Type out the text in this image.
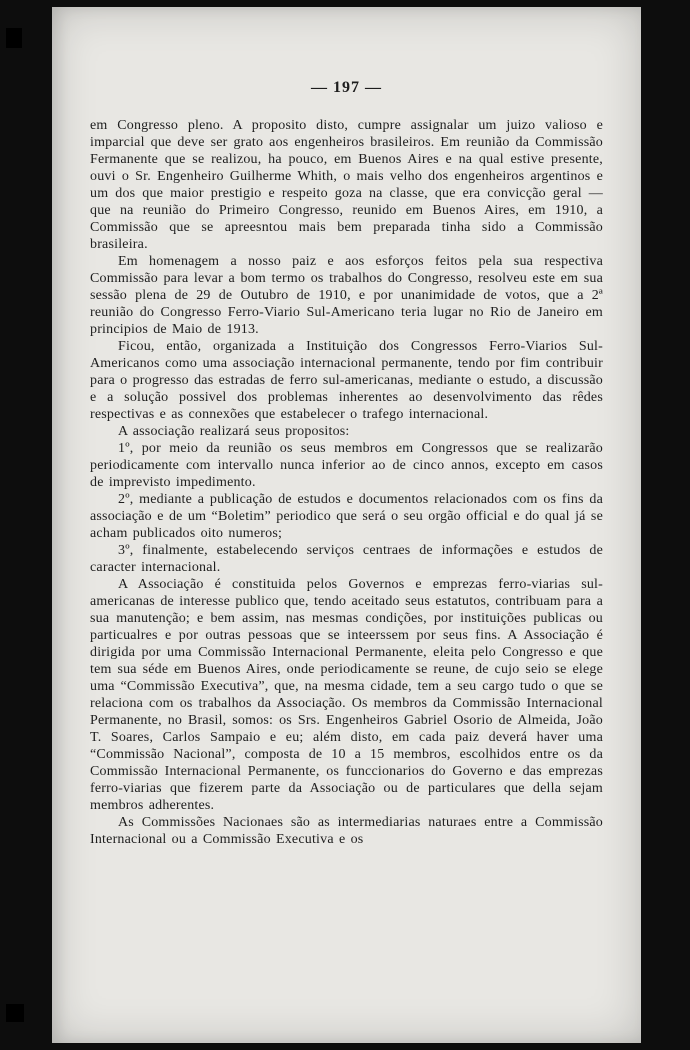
— 197 —

em Congresso pleno. A proposito disto, cumpre assignalar um juizo valioso e imparcial que deve ser grato aos engenheiros brasileiros. Em reunião da Commissão Fermanente que se realizou, ha pouco, em Buenos Aires e na qual estive presente, ouvi o Sr. Engenheiro Guilherme Whith, o mais velho dos engenheiros argentinos e um dos que maior prestigio e respeito goza na classe, que era convicção geral — que na reunião do Primeiro Congresso, reunido em Buenos Aires, em 1910, a Commissão que se apreesntou mais bem preparada tinha sido a Commissão brasileira.

Em homenagem a nosso paiz e aos esforços feitos pela sua respectiva Commissão para levar a bom termo os trabalhos do Congresso, resolveu este em sua sessão plena de 29 de Outubro de 1910, e por unanimidade de votos, que a 2ª reunião do Congresso Ferro-Viario Sul-Americano teria lugar no Rio de Janeiro em principios de Maio de 1913.

Ficou, então, organizada a Instituição dos Congressos Ferro-Viarios Sul-Americanos como uma associação internacional permanente, tendo por fim contribuir para o progresso das estradas de ferro sul-americanas, mediante o estudo, a discussão e a solução possivel dos problemas inherentes ao desenvolvimento das rêdes respectivas e as connexões que estabelecer o trafego internacional.

A associação realizará seus propositos:

1º, por meio da reunião os seus membros em Congressos que se realizarão periodicamente com intervallo nunca inferior ao de cinco annos, excepto em casos de imprevisto impedimento.

2º, mediante a publicação de estudos e documentos relacionados com os fins da associação e de um “Boletim” periodico que será o seu orgão official e do qual já se acham publicados oito numeros;

3º, finalmente, estabelecendo serviços centraes de informações e estudos de caracter internacional.

A Associação é constituida pelos Governos e emprezas ferro-viarias sul-americanas de interesse publico que, tendo aceitado seus estatutos, contribuam para a sua manutenção; e bem assim, nas mesmas condições, por instituições publicas ou particualres e por outras pessoas que se inteerssem por seus fins. A Associação é dirigida por uma Commissão Internacional Permanente, eleita pelo Congresso e que tem sua séde em Buenos Aires, onde periodicamente se reune, de cujo seio se elege uma “Commissão Executiva”, que, na mesma cidade, tem a seu cargo tudo o que se relaciona com os trabalhos da Associação. Os membros da Commissão Internacional Permanente, no Brasil, somos: os Srs. Engenheiros Gabriel Osorio de Almeida, João T. Soares, Carlos Sampaio e eu; além disto, em cada paiz deverá haver uma “Commissão Nacional”, composta de 10 a 15 membros, escolhidos entre os da Commissão Internacional Permanente, os funccionarios do Governo e das emprezas ferro-viarias que fizerem parte da Associação ou de particulares que della sejam membros adherentes.

As Commissões Nacionaes são as intermediarias naturaes entre a Commissão Internacional ou a Commissão Executiva e os
